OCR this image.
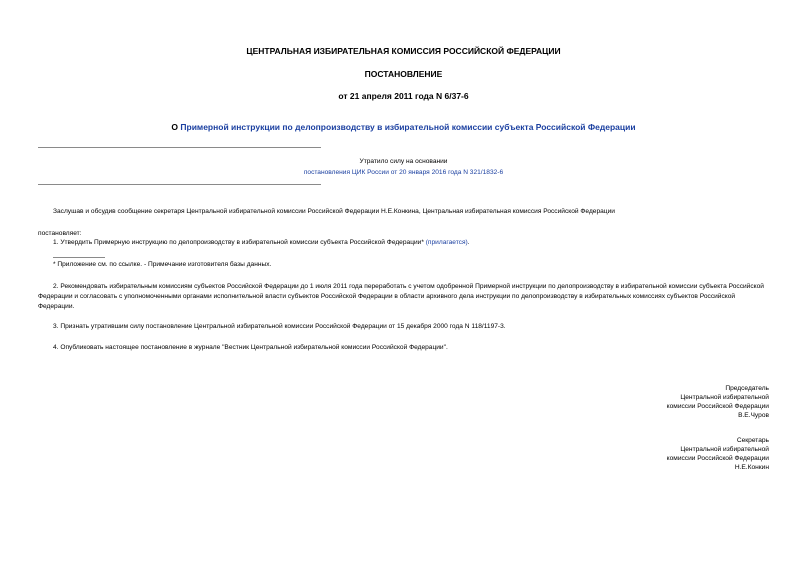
ЦЕНТРАЛЬНАЯ ИЗБИРАТЕЛЬНАЯ КОМИССИЯ РОССИЙСКОЙ ФЕДЕРАЦИИ
ПОСТАНОВЛЕНИЕ
от 21 апреля 2011 года N 6/37-6
О Примерной инструкции по делопроизводству в избирательной комиссии субъекта Российской Федерации
Утратило силу на основании
постановления ЦИК России от 20 января 2016 года N 321/1832-6
Заслушав и обсудив сообщение секретаря Центральной избирательной комиссии Российской Федерации Н.Е.Конкина, Центральная избирательная комиссия Российской Федерации
постановляет:
1. Утвердить Примерную инструкцию по делопроизводству в избирательной комиссии субъекта Российской Федерации* (прилагается).
* Приложение см. по ссылке. - Примечание изготовителя базы данных.
2. Рекомендовать избирательным комиссиям субъектов Российской Федерации до 1 июля 2011 года переработать с учетом одобренной Примерной инструкции по делопроизводству в избирательной комиссии субъекта Российской Федерации и согласовать с уполномоченными органами исполнительной власти субъектов Российской Федерации в области архивного дела инструкции по делопроизводству в избирательных комиссиях субъектов Российской Федерации.
3. Признать утратившим силу постановление Центральной избирательной комиссии Российской Федерации от 15 декабря 2000 года N 118/1197-3.
4. Опубликовать настоящее постановление в журнале "Вестник Центральной избирательной комиссии Российской Федерации".
Председатель
Центральной избирательной
комиссии Российской Федерации
В.Е.Чуров
Секретарь
Центральной избирательной
комиссии Российской Федерации
Н.Е.Конкин
